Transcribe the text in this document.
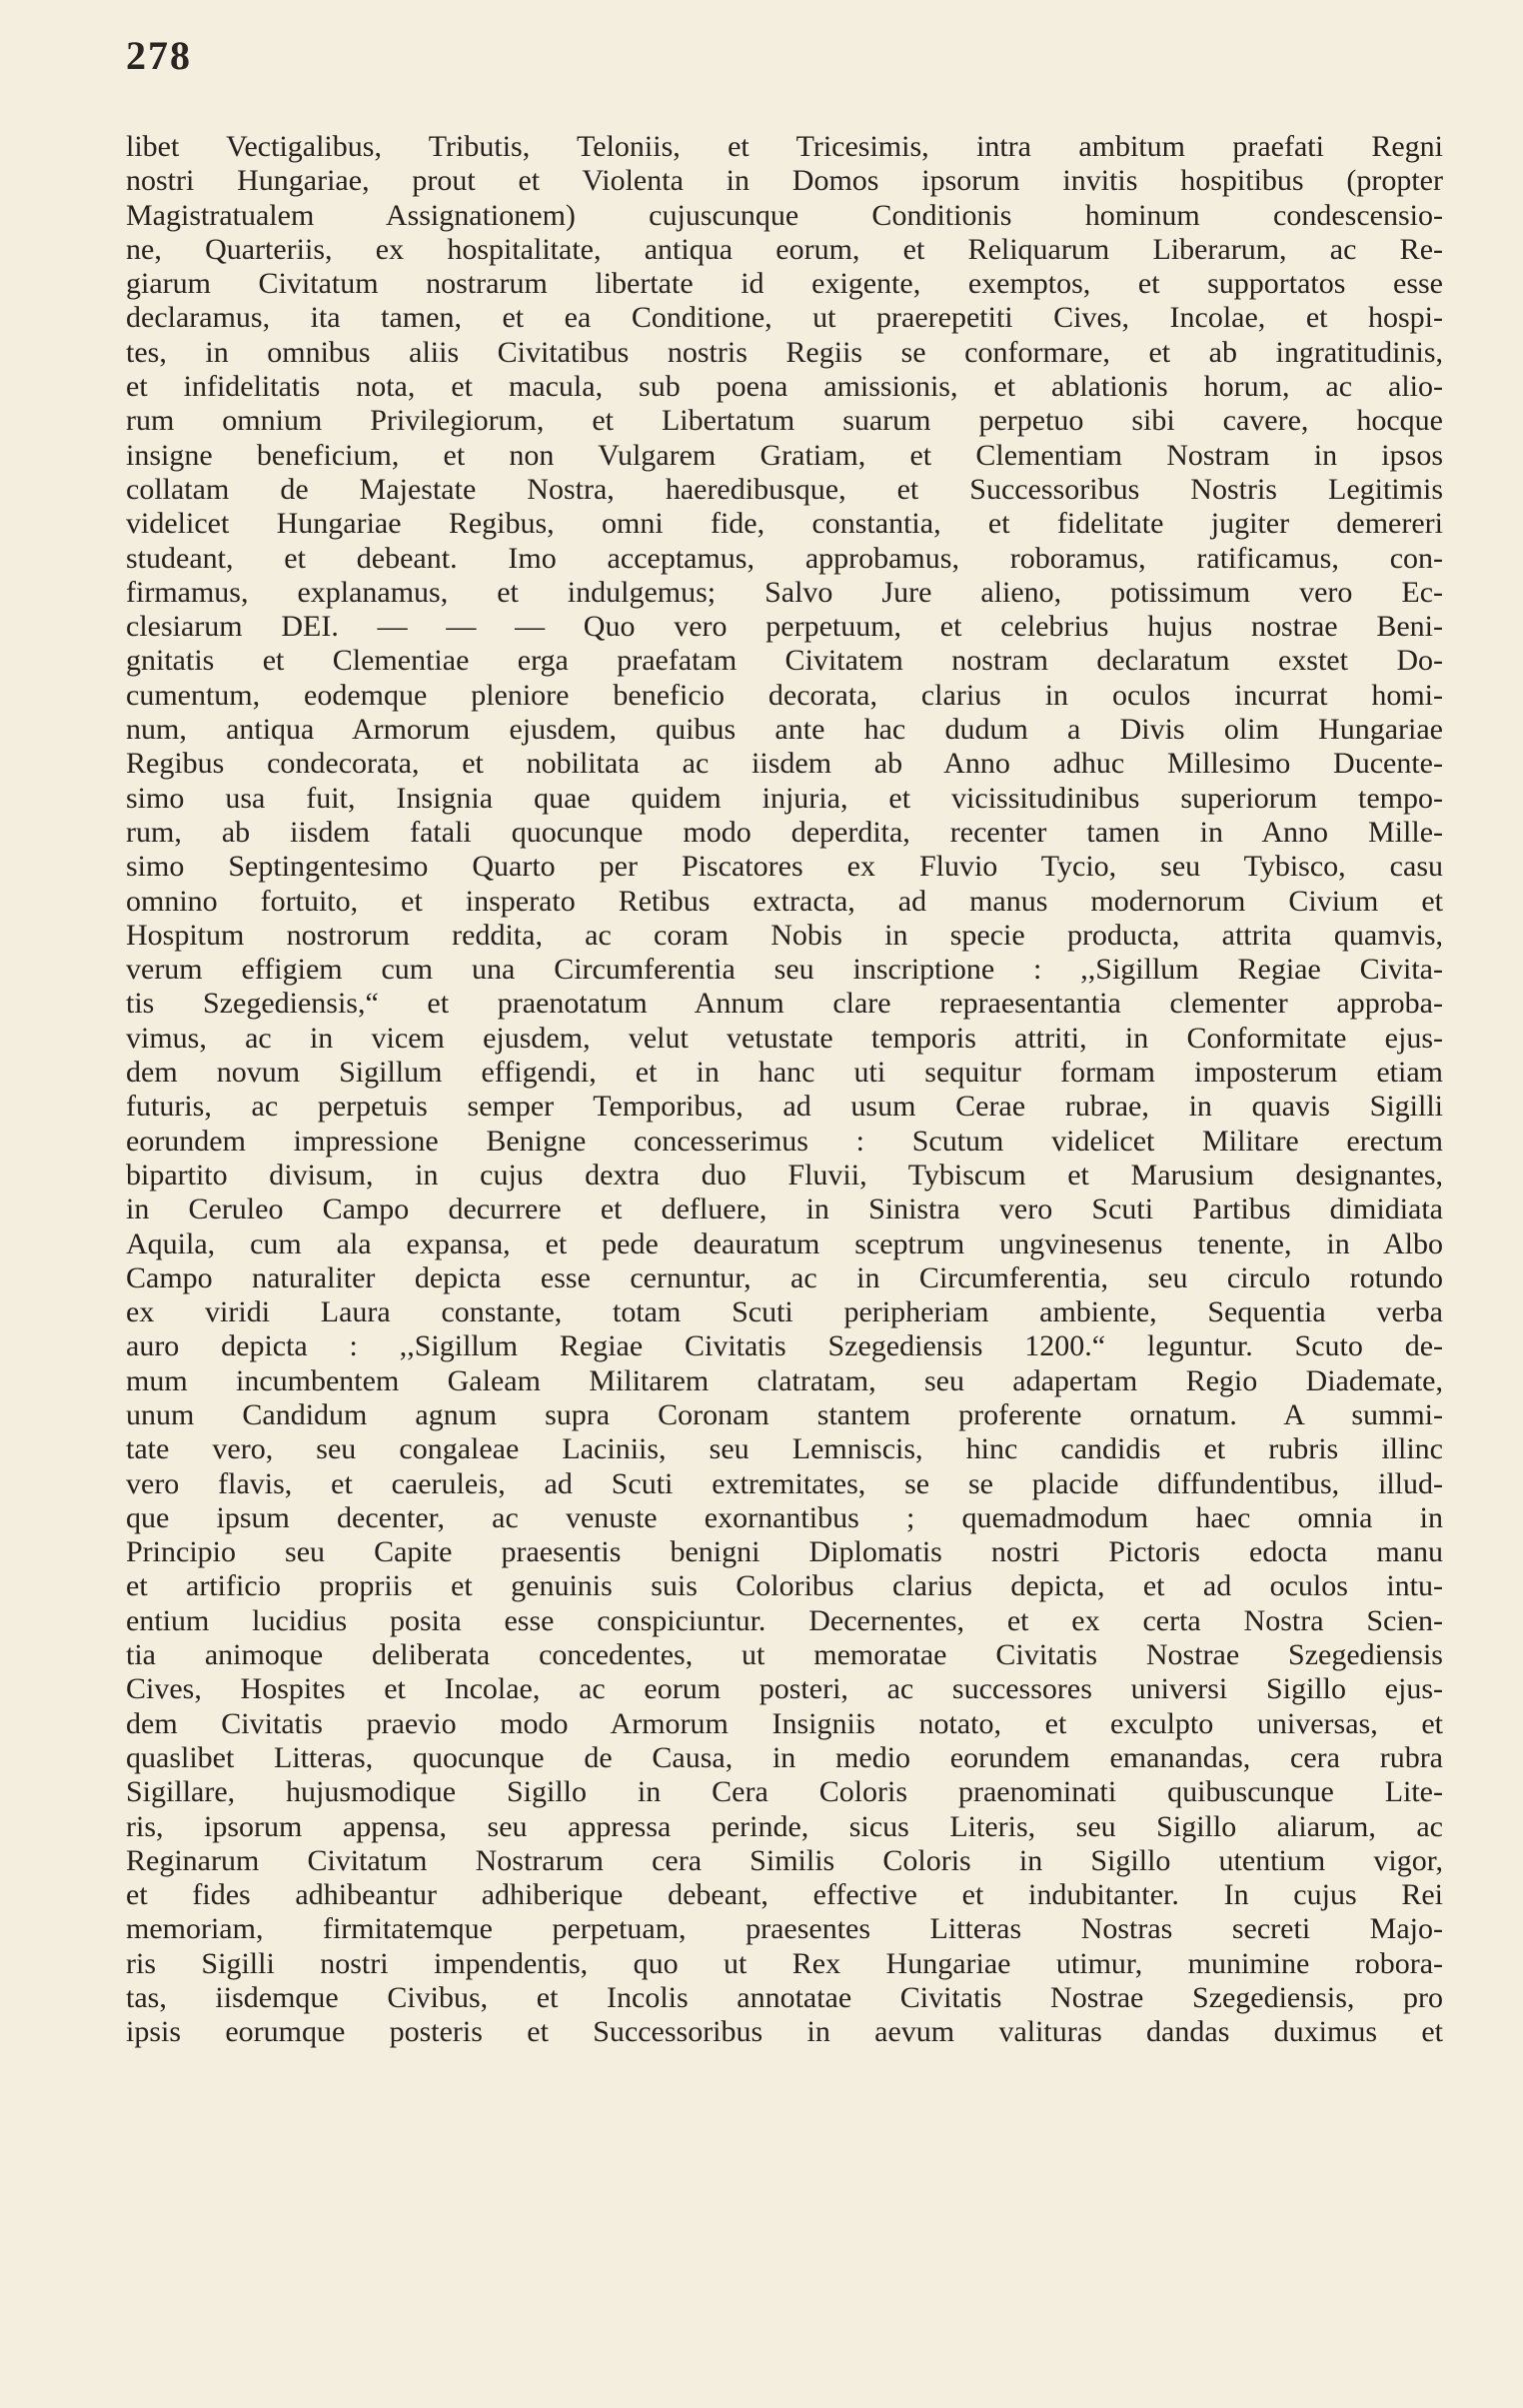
278
libet Vectigalibus, Tributis, Teloniis, et Tricesimis, intra ambitum praefati Regni
nostri Hungariae, prout et Violenta in Domos ipsorum invitis hospitibus (propter
Magistratualem Assignationem) cujuscunque Conditionis hominum condescensio-
ne, Quarteriis, ex hospitalitate, antiqua eorum, et Reliquarum Liberarum, ac Re-
giarum Civitatum nostrarum libertate id exigente, exemptos, et supportatos esse
declaramus, ita tamen, et ea Conditione, ut praerepetiti Cives, Incolae, et hospi-
tes, in omnibus aliis Civitatibus nostris Regiis se conformare, et ab ingratitudinis,
et infidelitatis nota, et macula, sub poena amissionis, et ablationis horum, ac alio-
rum omnium Privilegiorum, et Libertatum suarum perpetuo sibi cavere, hocque
insigne beneficium, et non Vulgarem Gratiam, et Clementiam Nostram in ipsos
collatam de Majestate Nostra, haeredibusque, et Successoribus Nostris Legitimis
videlicet Hungariae Regibus, omni fide, constantia, et fidelitate jugiter demereri
studeant, et debeant. Imo acceptamus, approbamus, roboramus, ratificamus, con-
firmamus, explanamus, et indulgemus; Salvo Jure alieno, potissimum vero Ec-
clesiarum DEI. — — — Quo vero perpetuum, et celebrius hujus nostrae Beni-
gnitatis et Clementiae erga praefatam Civitatem nostram declaratum exstet Do-
cumentum, eodemque pleniore beneficio decorata, clarius in oculos incurrat homi-
num, antiqua Armorum ejusdem, quibus ante hac dudum a Divis olim Hungariae
Regibus condecorata, et nobilitata ac iisdem ab Anno adhuc Millesimo Ducente-
simo usa fuit, Insignia quae quidem injuria, et vicissitudinibus superiorum tempo-
rum, ab iisdem fatali quocunque modo deperdita, recenter tamen in Anno Mille-
simo Septingentesimo Quarto per Piscatores ex Fluvio Tycio, seu Tybisco, casu
omnino fortuito, et insperato Retibus extracta, ad manus modernorum Civium et
Hospitum nostrorum reddita, ac coram Nobis in specie producta, attrita quamvis,
verum effigiem cum una Circumferentia seu inscriptione : ,,Sigillum Regiae Civita-
tis Szegediensis,“ et praenotatum Annum clare repraesentantia clementer approba-
vimus, ac in vicem ejusdem, velut vetustate temporis attriti, in Conformitate ejus-
dem novum Sigillum effigendi, et in hanc uti sequitur formam imposterum etiam
futuris, ac perpetuis semper Temporibus, ad usum Cerae rubrae, in quavis Sigilli
eorundem impressione Benigne concesserimus : Scutum videlicet Militare erectum
bipartito divisum, in cujus dextra duo Fluvii, Tybiscum et Marusium designantes,
in Ceruleo Campo decurrere et defluere, in Sinistra vero Scuti Partibus dimidiata
Aquila, cum ala expansa, et pede deauratum sceptrum ungvinesenus tenente, in Albo
Campo naturaliter depicta esse cernuntur, ac in Circumferentia, seu circulo rotundo
ex viridi Laura constante, totam Scuti peripheriam ambiente, Sequentia verba
auro depicta : ,,Sigillum Regiae Civitatis Szegediensis 1200.“ leguntur. Scuto de-
mum incumbentem Galeam Militarem clatratam, seu adapertam Regio Diademate,
unum Candidum agnum supra Coronam stantem proferente ornatum. A summi-
tate vero, seu congaleae Laciniis, seu Lemniscis, hinc candidis et rubris illinc
vero flavis, et caeruleis, ad Scuti extremitates, se se placide diffundentibus, illud-
que ipsum decenter, ac venuste exornantibus ; quemadmodum haec omnia in
Principio seu Capite praesentis benigni Diplomatis nostri Pictoris edocta manu
et artificio propriis et genuinis suis Coloribus clarius depicta, et ad oculos intu-
entium lucidius posita esse conspiciuntur. Decernentes, et ex certa Nostra Scien-
tia animoque deliberata concedentes, ut memoratae Civitatis Nostrae Szegediensis
Cives, Hospites et Incolae, ac eorum posteri, ac successores universi Sigillo ejus-
dem Civitatis praevio modo Armorum Insigniis notato, et exculpto universas, et
quaslibet Litteras, quocunque de Causa, in medio eorundem emanandas, cera rubra
Sigillare, hujusmodique Sigillo in Cera Coloris praenominati quibuscunque Lite-
ris, ipsorum appensa, seu appressa perinde, sicus Literis, seu Sigillo aliarum, ac
Reginarum Civitatum Nostrarum cera Similis Coloris in Sigillo utentium vigor,
et fides adhibeantur adhiberique debeant, effective et indubitanter. In cujus Rei
memoriam, firmitatemque perpetuam, praesentes Litteras Nostras secreti Majo-
ris Sigilli nostri impendentis, quo ut Rex Hungariae utimur, munimine robora-
tas, iisdemque Civibus, et Incolis annotatae Civitatis Nostrae Szegediensis, pro
ipsis eorumque posteris et Successoribus in aevum valituras dandas duximus et
